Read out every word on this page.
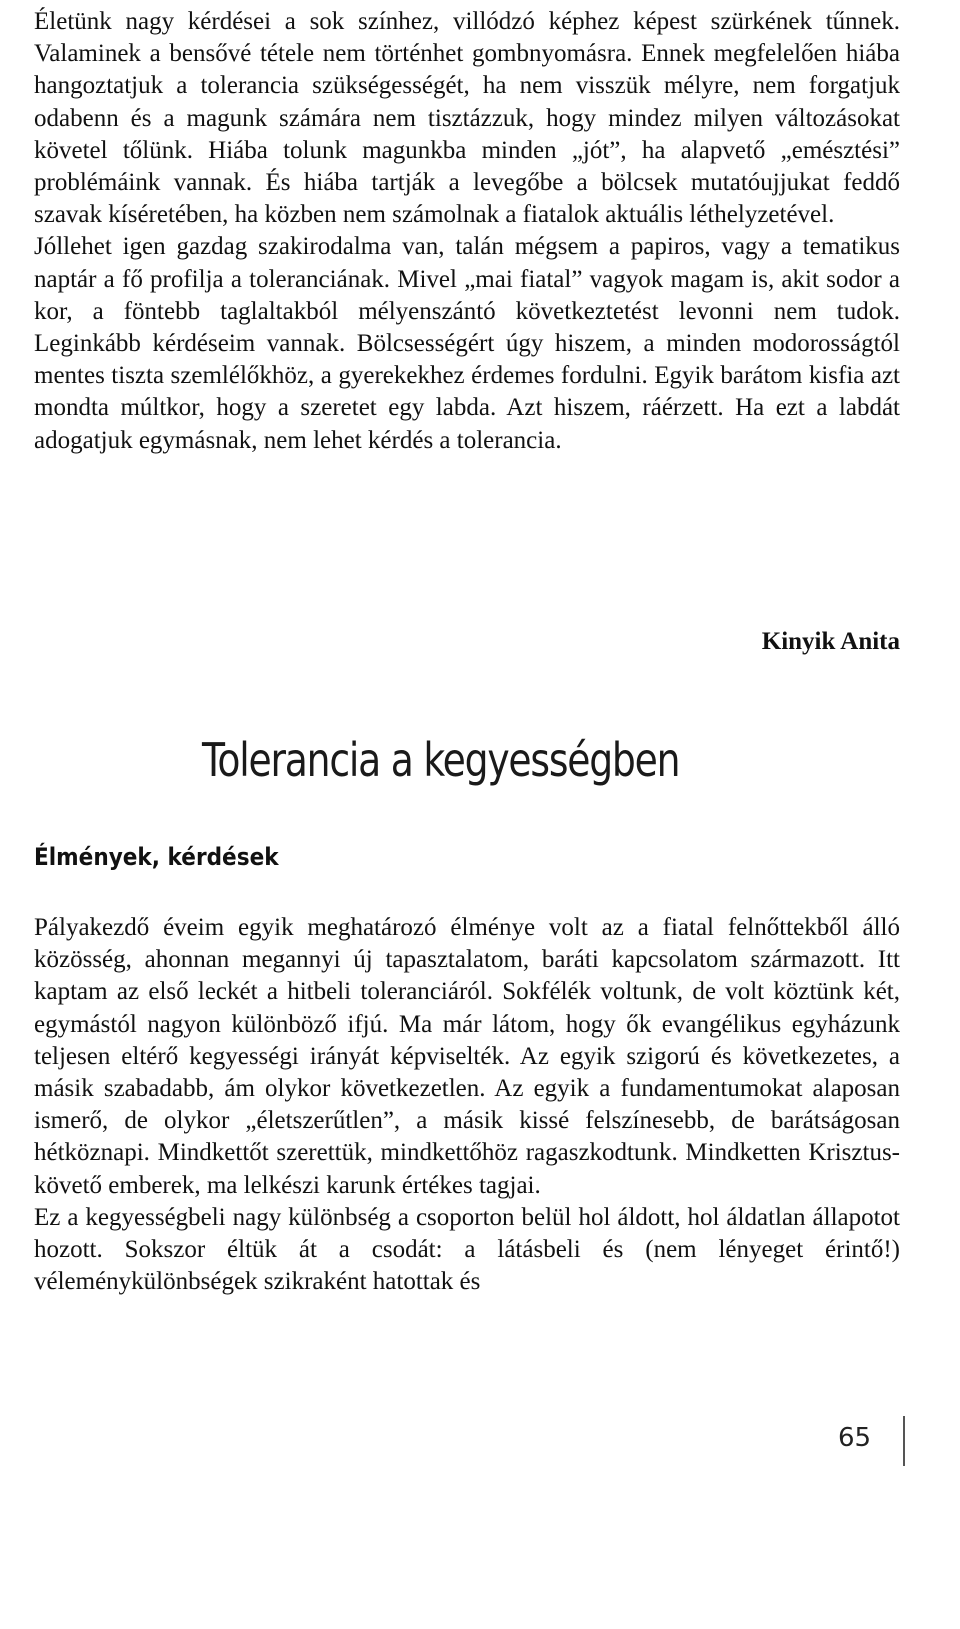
Életünk nagy kérdései a sok színhez, villódzó képhez képest szürkének tűnnek. Valaminek a bensővé tétele nem történhet gombnyomásra. Ennek megfelelően hiába hangoztatjuk a tolerancia szükségességét, ha nem visszük mélyre, nem forgatjuk odabenn és a magunk számára nem tisztázzuk, hogy mindez milyen változásokat követel tőlünk. Hiába tolunk magunkba minden „jót”, ha alapvető „emésztési” problémáink vannak. És hiába tartják a levegőbe a bölcsek mutatóujjukat feddő szavak kíséretében, ha közben nem számolnak a fiatalok aktuális léthelyzetével.

Jóllehet igen gazdag szakirodalma van, talán mégsem a papiros, vagy a tematikus naptár a fő profilja a toleranciának. Mivel „mai fiatal” vagyok magam is, akit sodor a kor, a föntebb taglaltakból mélyenszántó következtetést levonni nem tudok. Leginkább kérdéseim vannak. Bölcsességért úgy hiszem, a minden modorosságtól mentes tiszta szemlélőkhöz, a gyerekekhez érdemes fordulni. Egyik barátom kisfia azt mondta múltkor, hogy a szeretet egy labda. Azt hiszem, ráérzett. Ha ezt a labdát adogatjuk egymásnak, nem lehet kérdés a tolerancia.

Kinyik Anita
Tolerancia a kegyességben
Élmények, kérdések

Pályakezdő éveim egyik meghatározó élménye volt az a fiatal felnőttekből álló közösség, ahonnan megannyi új tapasztalatom, baráti kapcsolatom származott. Itt kaptam az első leckét a hitbeli toleranciáról. Sokfélék voltunk, de volt köztünk két, egymástól nagyon különböző ifjú. Ma már látom, hogy ők evangélikus egyházunk teljesen eltérő kegyességi irányát képviselték. Az egyik szigorú és következetes, a másik szabadabb, ám olykor következetlen. Az egyik a fundamentumokat alaposan ismerő, de olykor „életszerűtlen”, a másik kissé felszínesebb, de barátságosan hétköznapi. Mindkettőt szerettük, mindkettőhöz ragaszkodtunk. Mindketten Krisztus-követő emberek, ma lelkészi karunk értékes tagjai.

Ez a kegyességbeli nagy különbség a csoporton belül hol áldott, hol áldatlan állapotot hozott. Sokszor éltük át a csodát: a látásbeli és (nem lényeget érintő!) véleménykülönbségek szikraként hatottak és

65
